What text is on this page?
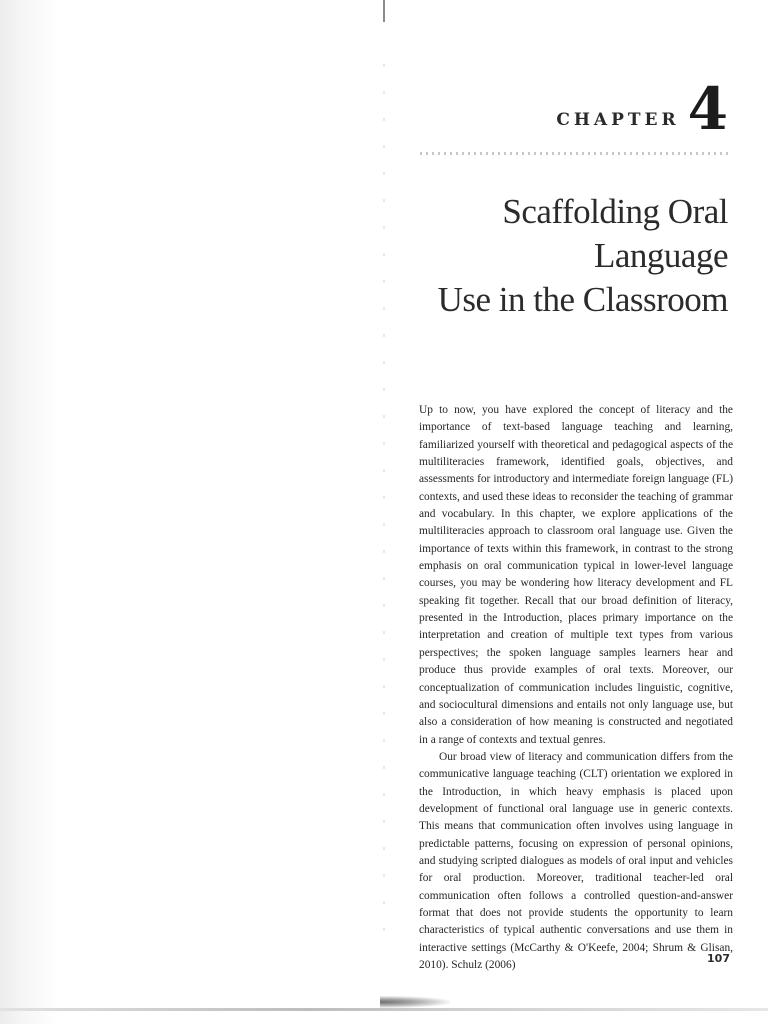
CHAPTER 4
Scaffolding Oral Language
Use in the Classroom

Up to now, you have explored the concept of literacy and the importance of text-based language teaching and learning, familiarized yourself with theoretical and pedagogical aspects of the multiliteracies framework, identified goals, objectives, and assessments for introductory and intermediate foreign language (FL) contexts, and used these ideas to reconsider the teaching of grammar and vocabulary. In this chapter, we explore applications of the multiliteracies approach to classroom oral language use. Given the importance of texts within this framework, in contrast to the strong emphasis on oral communication typical in lower-level language courses, you may be wondering how literacy development and FL speaking fit together. Recall that our broad definition of literacy, presented in the Introduction, places primary importance on the interpretation and creation of multiple text types from various perspectives; the spoken language samples learners hear and produce thus provide examples of oral texts. Moreover, our conceptualization of communication includes linguistic, cognitive, and sociocultural dimensions and entails not only language use, but also a consideration of how meaning is constructed and negotiated in a range of contexts and textual genres.

Our broad view of literacy and communication differs from the communicative language teaching (CLT) orientation we explored in the Introduction, in which heavy emphasis is placed upon development of functional oral language use in generic contexts. This means that communication often involves using language in predictable patterns, focusing on expression of personal opinions, and studying scripted dialogues as models of oral input and vehicles for oral production. Moreover, traditional teacher-led oral communication often follows a controlled question-and-answer format that does not provide students the opportunity to learn characteristics of typical authentic conversations and use them in interactive settings (McCarthy & O'Keefe, 2004; Shrum & Glisan, 2010). Schulz (2006)	107
